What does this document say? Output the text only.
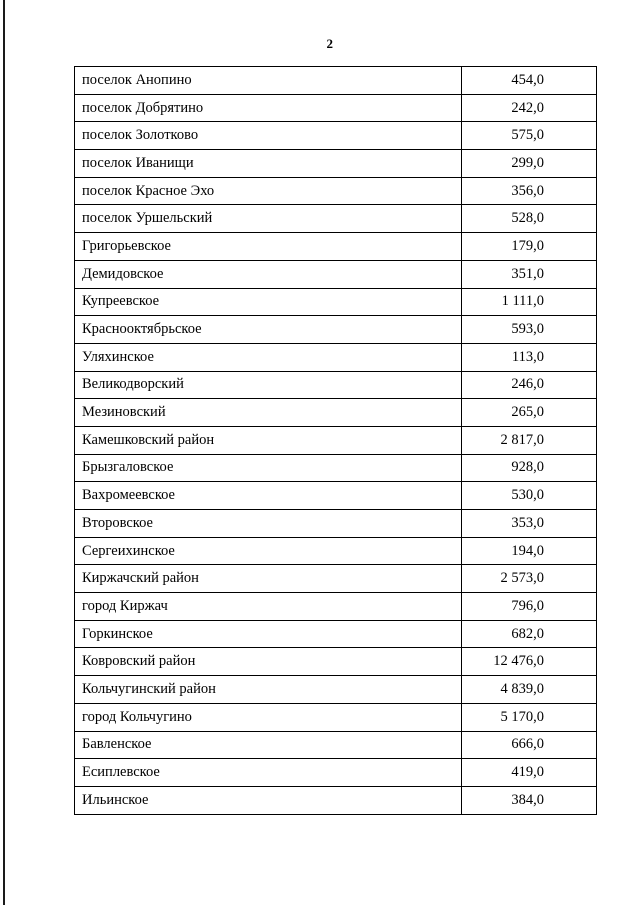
2
поселок Анопино	454,0
поселок Добрятино	242,0
поселок Золотково	575,0
поселок Иванищи	299,0
поселок Красное Эхо	356,0
поселок Уршельский	528,0
Григорьевское	179,0
Демидовское	351,0
Купреевское	1 111,0
Краснооктябрьское	593,0
Уляхинское	113,0
Великодворский	246,0
Мезиновский	265,0
Камешковский район	2 817,0
Брызгаловское	928,0
Вахромеевское	530,0
Второвское	353,0
Сергеихинское	194,0
Киржачский район	2 573,0
город Киржач	796,0
Горкинское	682,0
Ковровский район	12 476,0
Кольчугинский район	4 839,0
город Кольчугино	5 170,0
Бавленское	666,0
Есиплевское	419,0
Ильинское	384,0
